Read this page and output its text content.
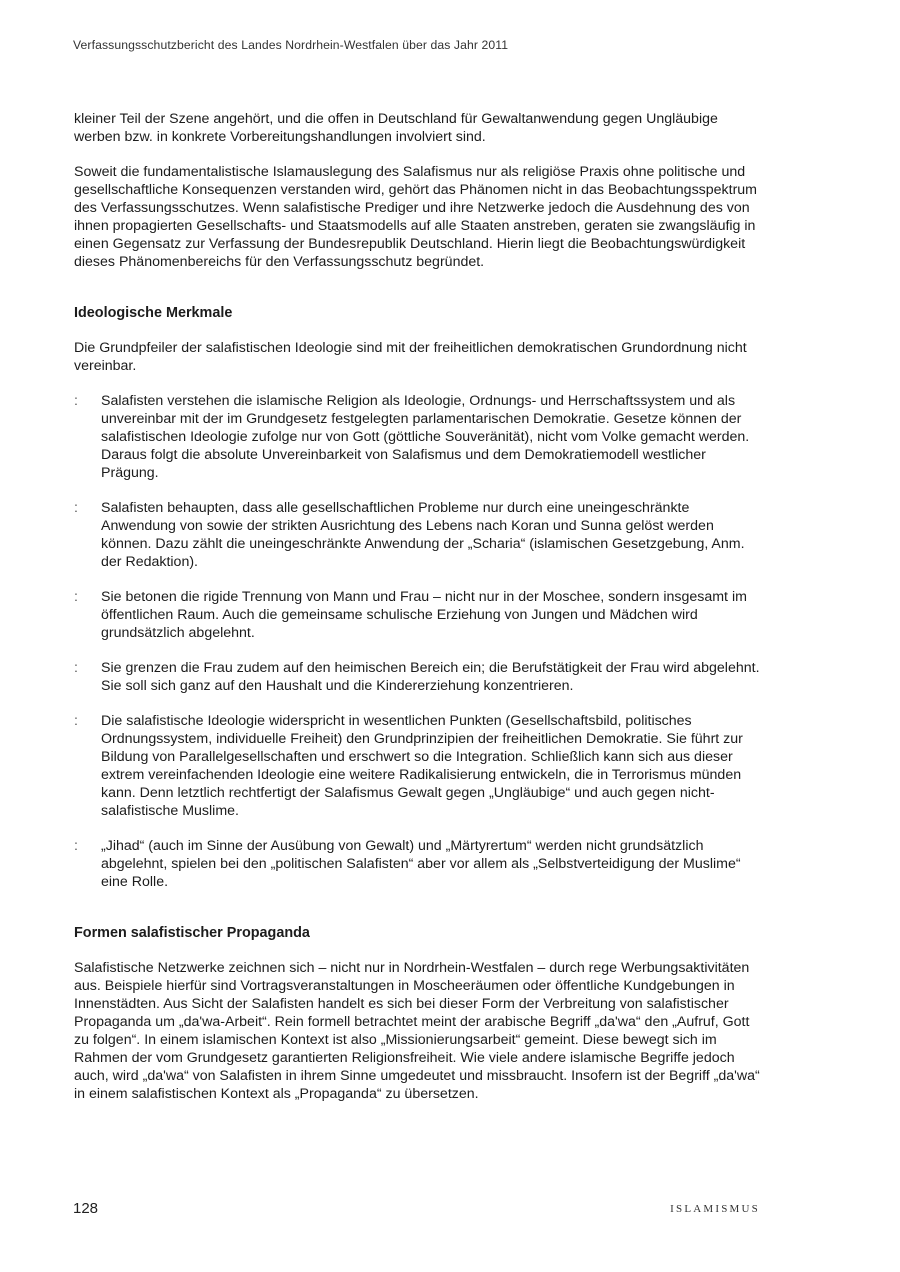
Verfassungsschutzbericht des Landes Nordrhein-Westfalen über das Jahr 2011

kleiner Teil der Szene angehört, und die offen in Deutschland für Gewaltanwendung gegen Ungläubige werben bzw. in konkrete Vorbereitungshandlungen involviert sind.

Soweit die fundamentalistische Islamauslegung des Salafismus nur als religiöse Praxis ohne politische und gesellschaftliche Konsequenzen verstanden wird, gehört das Phänomen nicht in das Beobachtungsspektrum des Verfassungsschutzes. Wenn salafistische Prediger und ihre Netzwerke jedoch die Ausdehnung des von ihnen propagierten Gesellschafts- und Staatsmodells auf alle Staaten anstreben, geraten sie zwangsläufig in einen Gegensatz zur Verfassung der Bundesrepublik Deutschland. Hierin liegt die Beobachtungswürdigkeit dieses Phänomenbereichs für den Verfassungsschutz begründet.

Ideologische Merkmale

Die Grundpfeiler der salafistischen Ideologie sind mit der freiheitlichen demokratischen Grundordnung nicht vereinbar.

: Salafisten verstehen die islamische Religion als Ideologie, Ordnungs- und Herrschaftssystem und als unvereinbar mit der im Grundgesetz festgelegten parlamentarischen Demokratie. Gesetze können der salafistischen Ideologie zufolge nur von Gott (göttliche Souveränität), nicht vom Volke gemacht werden. Daraus folgt die absolute Unvereinbarkeit von Salafismus und dem Demokratiemodell westlicher Prägung.
: Salafisten behaupten, dass alle gesellschaftlichen Probleme nur durch eine uneingeschränkte Anwendung von sowie der strikten Ausrichtung des Lebens nach Koran und Sunna gelöst werden können. Dazu zählt die uneingeschränkte Anwendung der „Scharia“ (islamischen Gesetzgebung, Anm. der Redaktion).
: Sie betonen die rigide Trennung von Mann und Frau – nicht nur in der Moschee, sondern insgesamt im öffentlichen Raum. Auch die gemeinsame schulische Erziehung von Jungen und Mädchen wird grundsätzlich abgelehnt.
: Sie grenzen die Frau zudem auf den heimischen Bereich ein; die Berufstätigkeit der Frau wird abgelehnt. Sie soll sich ganz auf den Haushalt und die Kindererziehung konzentrieren.
: Die salafistische Ideologie widerspricht in wesentlichen Punkten (Gesellschaftsbild, politisches Ordnungssystem, individuelle Freiheit) den Grundprinzipien der freiheitlichen Demokratie. Sie führt zur Bildung von Parallelgesellschaften und erschwert so die Integration. Schließlich kann sich aus dieser extrem vereinfachenden Ideologie eine weitere Radikalisierung entwickeln, die in Terrorismus münden kann. Denn letztlich rechtfertigt der Salafismus Gewalt gegen „Ungläubige“ und auch gegen nicht-salafistische Muslime.
: „Jihad“ (auch im Sinne der Ausübung von Gewalt) und „Märtyrertum“ werden nicht grundsätzlich abgelehnt, spielen bei den „politischen Salafisten“ aber vor allem als „Selbstverteidigung der Muslime“ eine Rolle.
Formen salafistischer Propaganda

Salafistische Netzwerke zeichnen sich – nicht nur in Nordrhein-Westfalen – durch rege Werbungsaktivitäten aus. Beispiele hierfür sind Vortragsveranstaltungen in Moscheeräumen oder öffentliche Kundgebungen in Innenstädten. Aus Sicht der Salafisten handelt es sich bei dieser Form der Verbreitung von salafistischer Propaganda um „da'wa-Arbeit“. Rein formell betrachtet meint der arabische Begriff „da'wa“ den „Aufruf, Gott zu folgen“. In einem islamischen Kontext ist also „Missionierungsarbeit“ gemeint. Diese bewegt sich im Rahmen der vom Grundgesetz garantierten Religionsfreiheit. Wie viele andere islamische Begriffe jedoch auch, wird „da'wa“ von Salafisten in ihrem Sinne umgedeutet und missbraucht. Insofern ist der Begriff „da'wa“ in einem salafistischen Kontext als „Propaganda“ zu übersetzen.

128	ISLAMISMUS
